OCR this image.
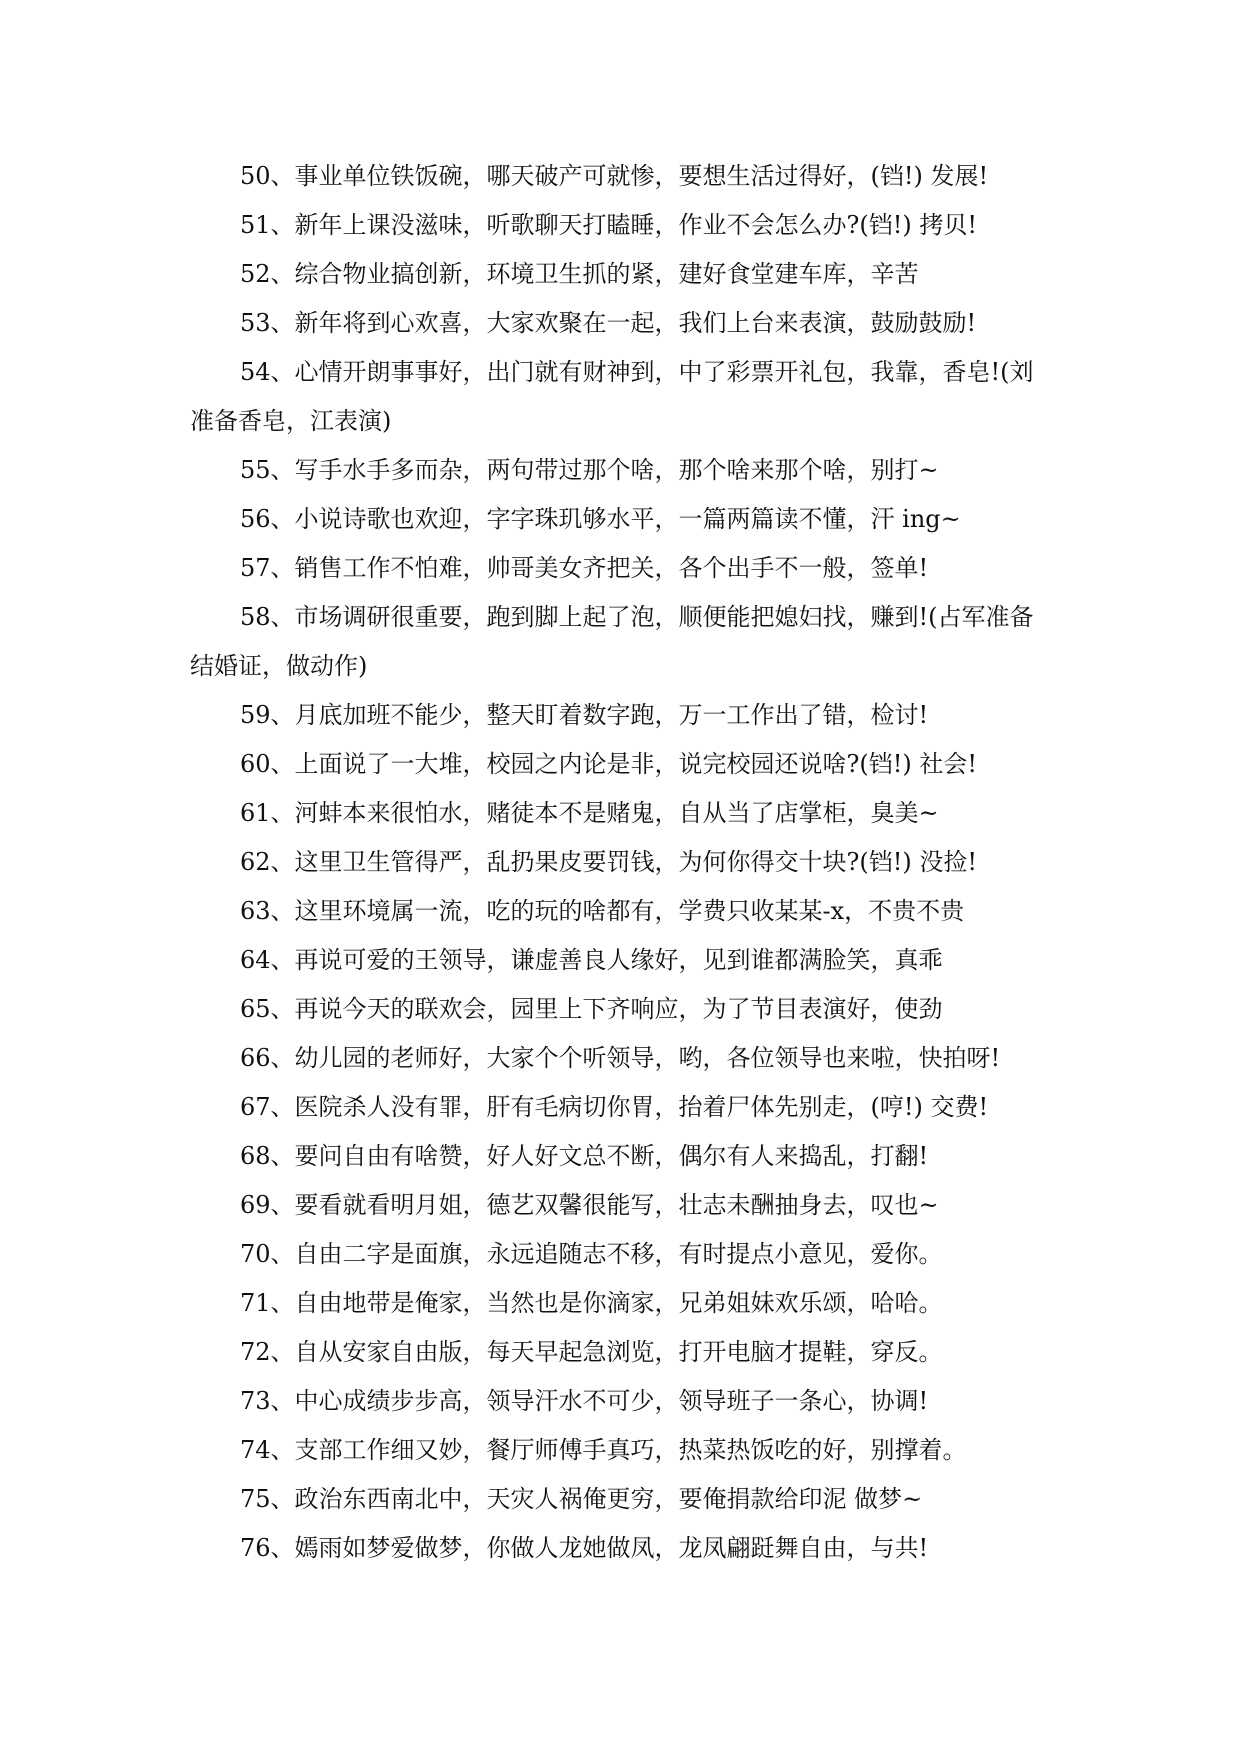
50、事业单位铁饭碗，哪天破产可就惨，要想生活过得好，(铛!) 发展!

51、新年上课没滋味，听歌聊天打瞌睡，作业不会怎么办?(铛!) 拷贝!

52、综合物业搞创新，环境卫生抓的紧，建好食堂建车库，辛苦

53、新年将到心欢喜，大家欢聚在一起，我们上台来表演，鼓励鼓励!

54、心情开朗事事好，出门就有财神到，中了彩票开礼包，我靠，香皂!(刘准备香皂，江表演)

55、写手水手多而杂，两句带过那个啥，那个啥来那个啥，别打~

56、小说诗歌也欢迎，字字珠玑够水平，一篇两篇读不懂，汗 ing~

57、销售工作不怕难，帅哥美女齐把关，各个出手不一般，签单!

58、市场调研很重要，跑到脚上起了泡，顺便能把媳妇找，赚到!(占军准备结婚证，做动作)

59、月底加班不能少，整天盯着数字跑，万一工作出了错，检讨!

60、上面说了一大堆，校园之内论是非，说完校园还说啥?(铛!) 社会!

61、河蚌本来很怕水，赌徒本不是赌鬼，自从当了店掌柜，臭美~

62、这里卫生管得严，乱扔果皮要罚钱，为何你得交十块?(铛!) 没捡!

63、这里环境属一流，吃的玩的啥都有，学费只收某某-x，不贵不贵

64、再说可爱的王领导，谦虚善良人缘好，见到谁都满脸笑，真乖

65、再说今天的联欢会，园里上下齐响应，为了节目表演好，使劲

66、幼儿园的老师好，大家个个听领导，哟，各位领导也来啦，快拍呀!

67、医院杀人没有罪，肝有毛病切你胃，抬着尸体先别走，(哼!) 交费!

68、要问自由有啥赞，好人好文总不断，偶尔有人来捣乱，打翻!

69、要看就看明月姐，德艺双馨很能写，壮志未酬抽身去，叹也~

70、自由二字是面旗，永远追随志不移，有时提点小意见，爱你。

71、自由地带是俺家，当然也是你滴家，兄弟姐妹欢乐颂，哈哈。

72、自从安家自由版，每天早起急浏览，打开电脑才提鞋，穿反。

73、中心成绩步步高，领导汗水不可少，领导班子一条心，协调!

74、支部工作细又妙，餐厅师傅手真巧，热菜热饭吃的好，别撑着。

75、政治东西南北中，天灾人祸俺更穷，要俺捐款给印泥 做梦~

76、嫣雨如梦爱做梦，你做人龙她做凤，龙凤翩跹舞自由，与共!
